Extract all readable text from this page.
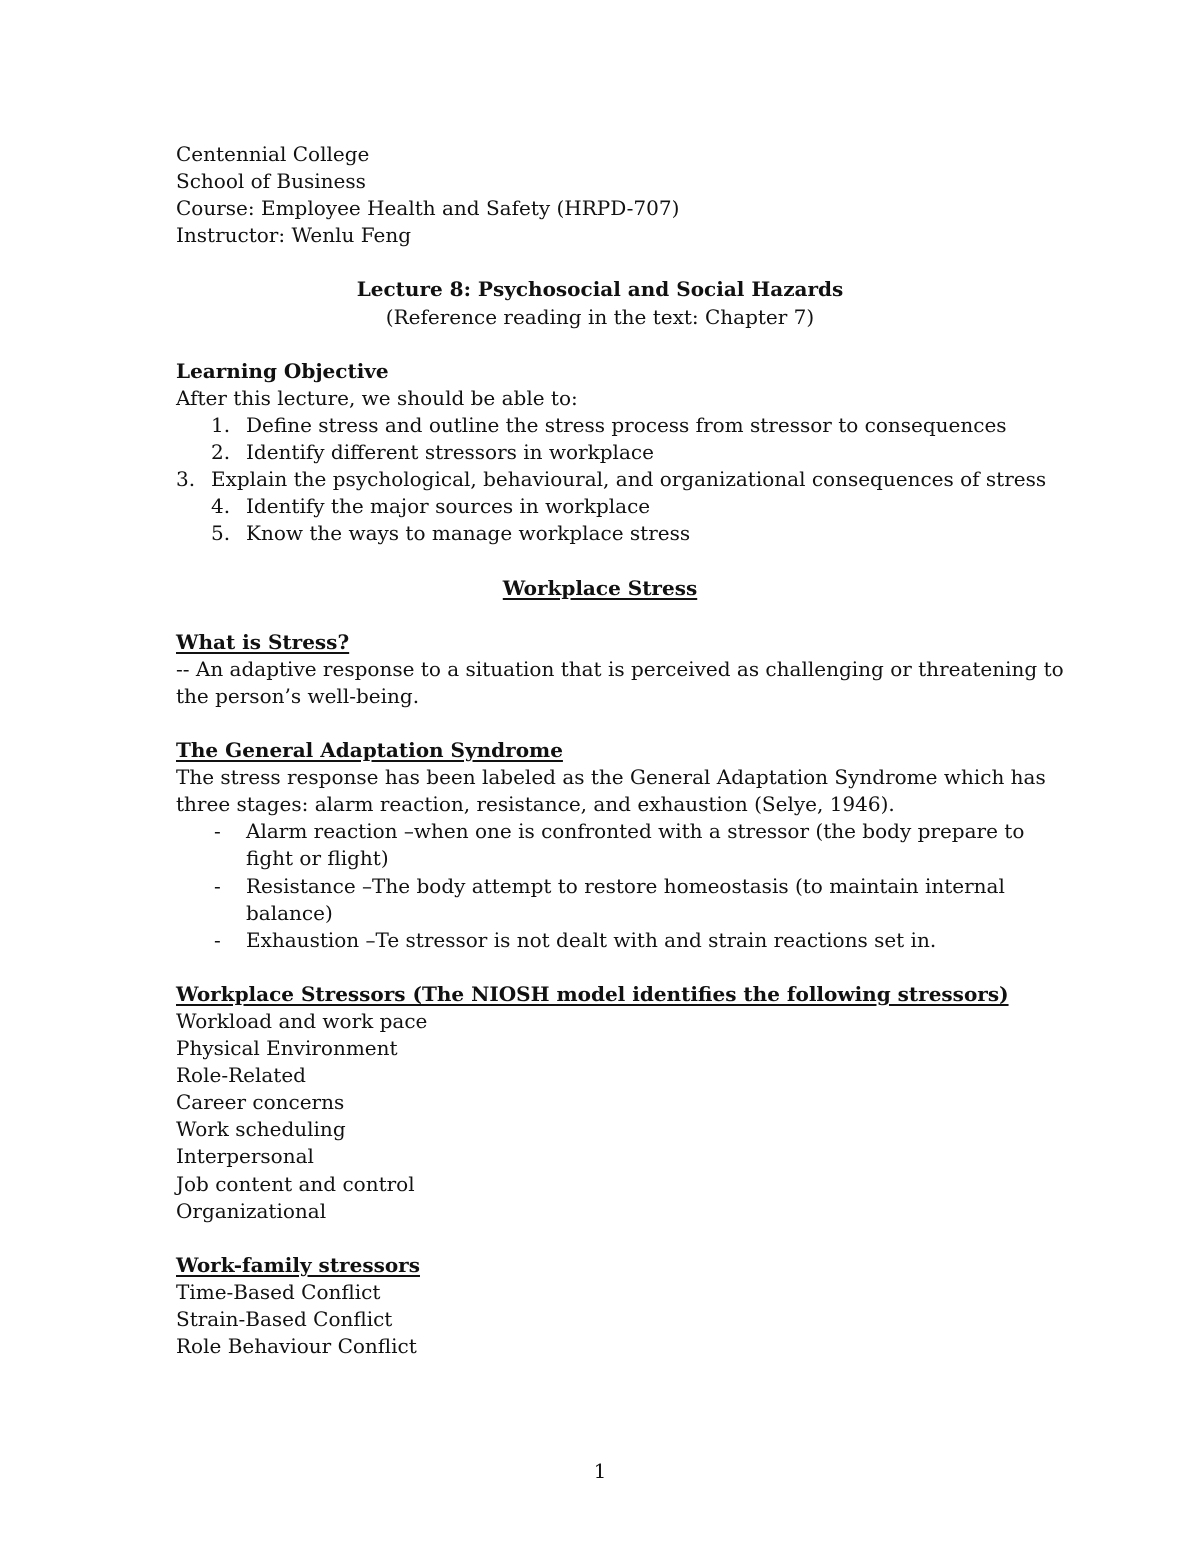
Centennial College
School of Business
Course: Employee Health and Safety (HRPD-707)
Instructor: Wenlu Feng
Lecture 8: Psychosocial and Social Hazards
(Reference reading in the text: Chapter 7)
Learning Objective
After this lecture, we should be able to:
1. Define stress and outline the stress process from stressor to consequences
2. Identify different stressors in workplace
3. Explain the psychological, behavioural, and organizational consequences of stress
4. Identify the major sources in workplace
5. Know the ways to manage workplace stress
Workplace Stress
What is Stress?
-- An adaptive response to a situation that is perceived as challenging or threatening to
the person’s well-being.
The General Adaptation Syndrome
The stress response has been labeled as the General Adaptation Syndrome which has
three stages: alarm reaction, resistance, and exhaustion (Selye, 1946).
-	Alarm reaction –when one is confronted with a stressor (the body prepare to fight or flight)
-	Resistance –The body attempt to restore homeostasis (to maintain internal balance)
-	Exhaustion –Te stressor is not dealt with and strain reactions set in.
Workplace Stressors (The NIOSH model identifies the following stressors)
Workload and work pace
Physical Environment
Role-Related
Career concerns
Work scheduling
Interpersonal
Job content and control
Organizational
Work-family stressors
Time-Based Conflict
Strain-Based Conflict
Role Behaviour Conflict
1
